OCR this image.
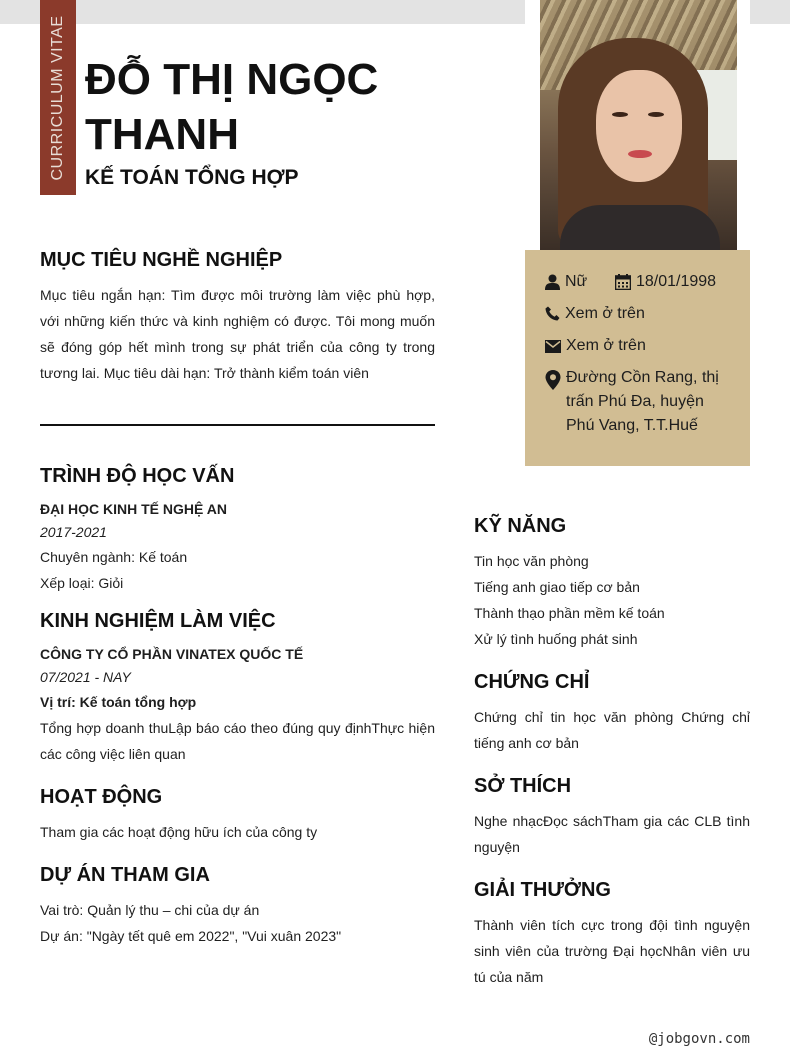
CURRICULUM VITAE ĐỖ THỊ NGỌC THANH
KẾ TOÁN TỔNG HỢP
Nữ	18/01/1998
Xem ở trên
Xem ở trên
Đường Cồn Rang, thị trấn Phú Đa, huyện Phú Vang, T.T.Huế
MỤC TIÊU NGHỀ NGHIỆP
Mục tiêu ngắn hạn: Tìm được môi trường làm việc phù hợp, với những kiến thức và kinh nghiệm có được. Tôi mong muốn sẽ đóng góp hết mình trong sự phát triển của công ty trong tương lai. Mục tiêu dài hạn: Trở thành kiểm toán viên
TRÌNH ĐỘ HỌC VẤN
ĐẠI HỌC KINH TẾ NGHỆ AN
2017-2021
Chuyên ngành: Kế toán
Xếp loại: Giỏi
KINH NGHIỆM LÀM VIỆC
CÔNG TY CỔ PHẦN VINATEX QUỐC TẾ
07/2021 - NAY
Vị trí: Kế toán tổng hợp
Tổng hợp doanh thuLập báo cáo theo đúng quy địnhThực hiện các công việc liên quan
HOẠT ĐỘNG
Tham gia các hoạt động hữu ích của công ty
DỰ ÁN THAM GIA
Vai trò: Quản lý thu – chi của dự án
Dự án: "Ngày tết quê em 2022", "Vui xuân 2023"
KỸ NĂNG
Tin học văn phòng
Tiếng anh giao tiếp cơ bản
Thành thạo phần mềm kế toán
Xử lý tình huống phát sinh
CHỨNG CHỈ
Chứng chỉ tin học văn phòng Chứng chỉ tiếng anh cơ bản
SỞ THÍCH
Nghe nhạcĐọc sáchTham gia các CLB tình nguyện
GIẢI THƯỞNG
Thành viên tích cực trong đội tình nguyện sinh viên của trường Đại họcNhân viên ưu tú của năm
@jobgovn.com
